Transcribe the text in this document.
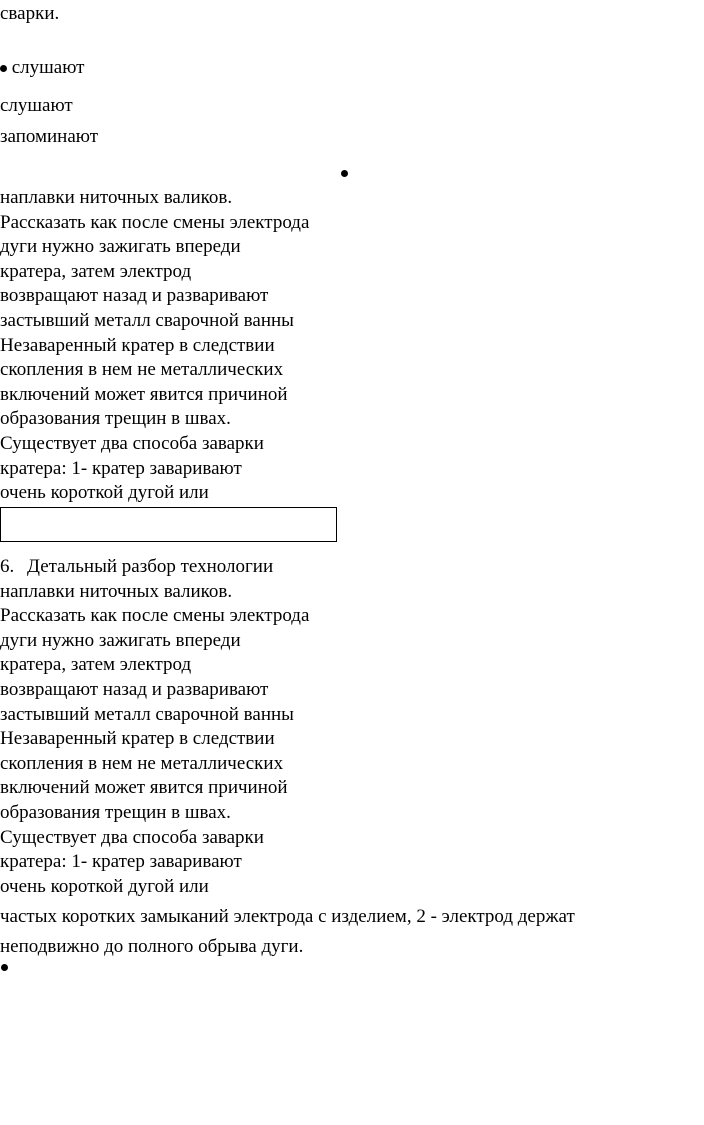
сварки.
слушают
слушают
запоминают
наплавки ниточных валиков.
Рассказать как после смены электрода
дуги нужно зажигать впереди
кратера, затем электрод
возвращают назад и разваривают
застывший металл сварочной ванны
Незаваренный кратер в следствии
скопления в нем не металлических
включений может явится причиной
образования трещин в швах.
Существует два способа заварки
кратера: 1- кратер заваривают
очень короткой дугой или
6. Детальный разбор технологии
наплавки ниточных валиков.
Рассказать как после смены электрода
дуги нужно зажигать впереди
кратера, затем электрод
возвращают назад и разваривают
застывший металл сварочной ванны
Незаваренный кратер в следствии
скопления в нем не металлических
включений может явится причиной
образования трещин в швах.
Существует два способа заварки
кратера: 1- кратер заваривают
очень короткой дугой или
частых коротких замыканий электрода с изделием, 2 - электрод держат
неподвижно до полного обрыва дуги.
